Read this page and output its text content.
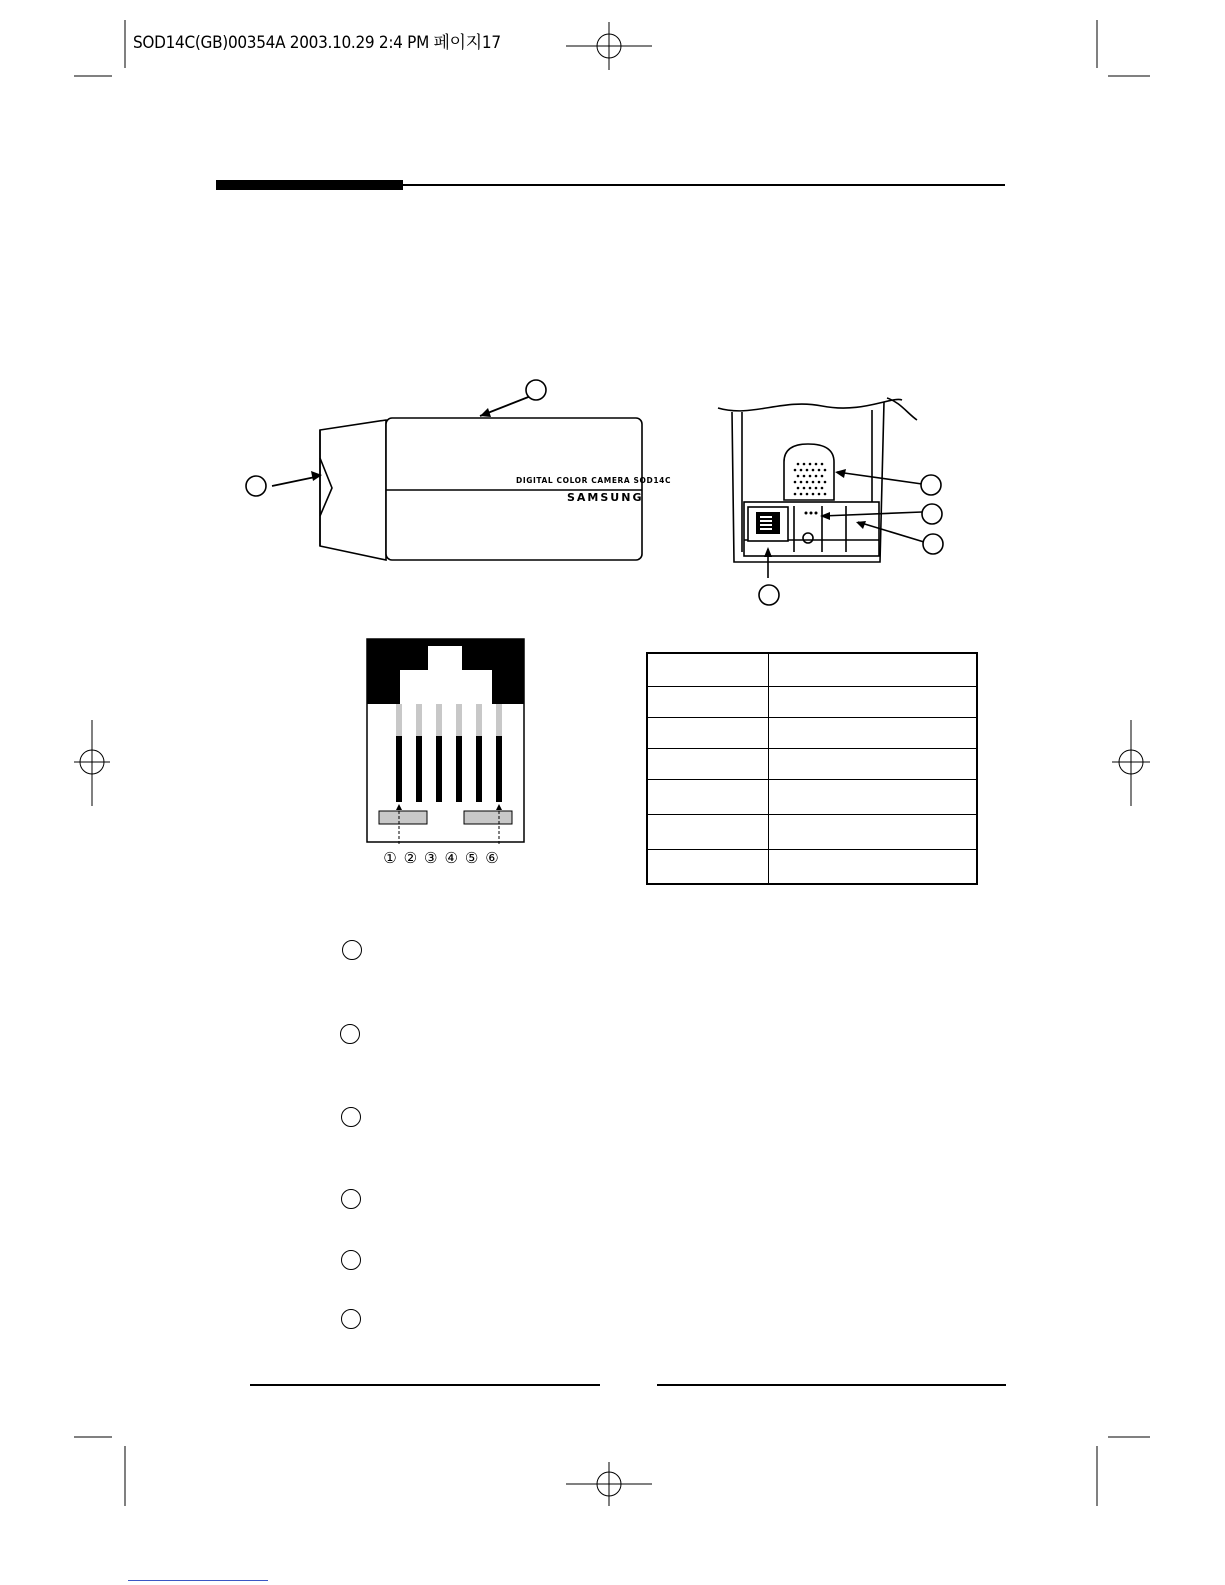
SOD14C(GB)00354A 2003.10.29 2:4 PM 페이지17
DIGITAL COLOR CAMERA SOD14C
SAMSUNG
① ② ③ ④ ⑤ ⑥
